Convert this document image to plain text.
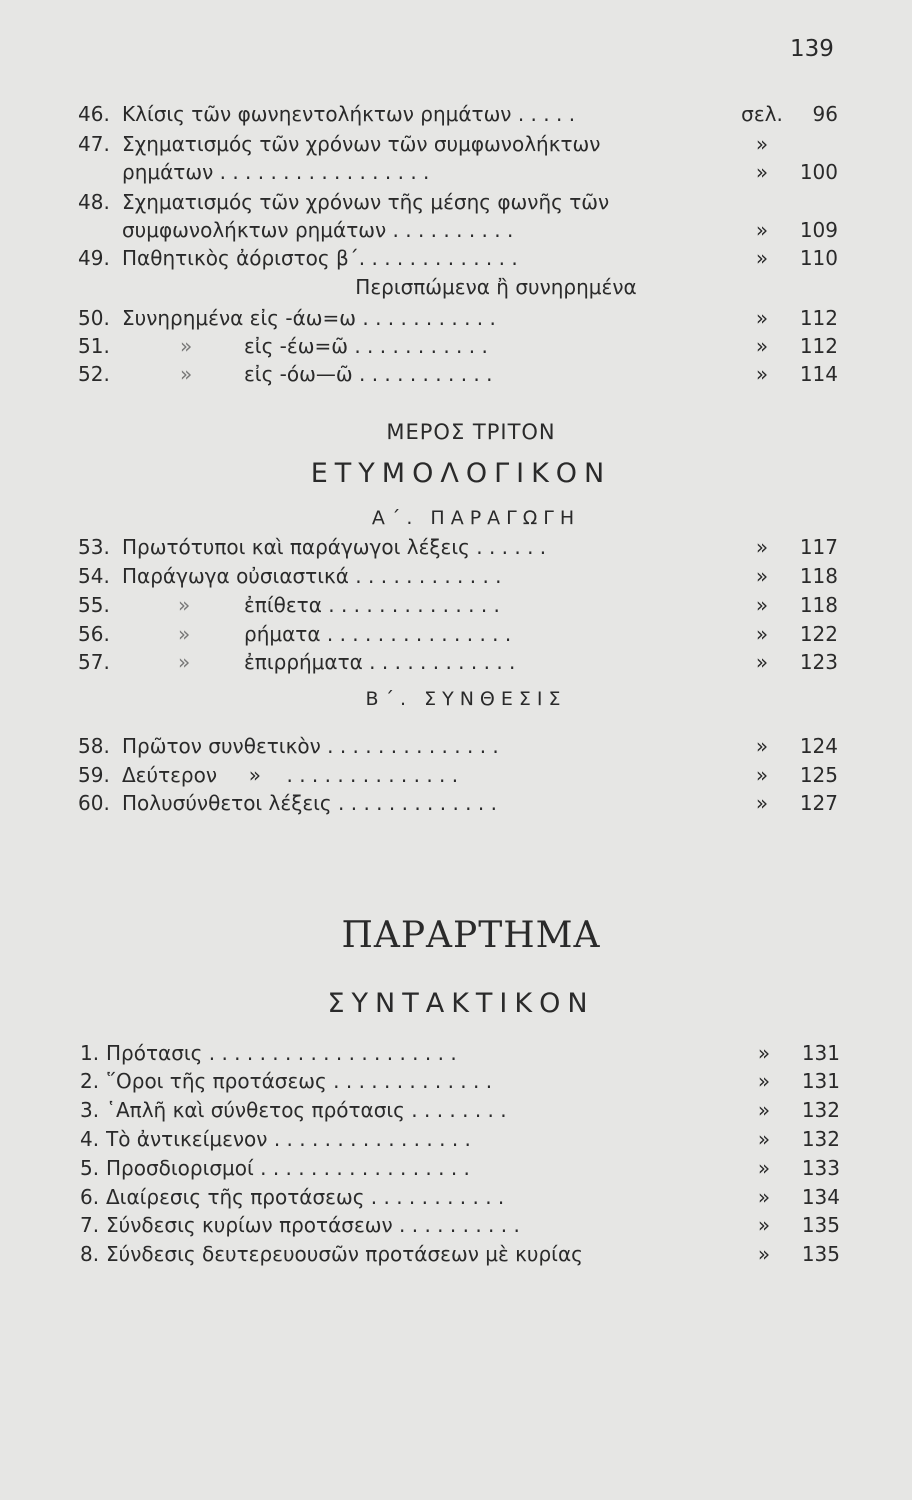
139
46. Κλίσις τῶν φωνηεντολήκτων ρημάτων . . . . .	σελ.	96
47. Σχηματισμός τῶν χρόνων τῶν συμφωνολήκτων	»
ρημάτων . . . . . . . . . . . . . . . . .	»	100
48. Σχηματισμός τῶν χρόνων τῆς μέσης φωνῆς τῶν
συμφωνολήκτων ρημάτων . . . . . . . . . .	»	109
49. Παθητικὸς ἀόριστος β΄. . . . . . . . . . . . .	»	110
Περισπώμενα ἢ συνηρημένα
50. Συνηρημένα εἰς -άω=ω . . . . . . . . . . .	»	112
51.	»	εἰς -έω=ῶ . . . . . . . . . . .	»	112
52.	»	εἰς -όω—ῶ . . . . . . . . . . .	»	114
ΜΕΡΟΣ ΤΡΙΤΟΝ
ΕΤΥΜΟΛΟΓΙΚΟΝ
Α΄. ΠΑΡΑΓΩΓΗ
53. Πρωτότυποι καὶ παράγωγοι λέξεις . . . . . .	»	117
54. Παράγωγα οὐσιαστικά . . . . . . . . . . . .	»	118
55.	»	ἐπίθετα . . . . . . . . . . . . . .	»	118
56.	»	ρήματα . . . . . . . . . . . . . . .	»	122
57.	»	ἐπιρρήματα . . . . . . . . . . . .	»	123
Β΄. ΣΥΝΘΕΣΙΣ
58. Πρῶτον συνθετικὸν . . . . . . . . . . . . . .	»	124
59. Δεύτερον     »    . . . . . . . . . . . . . .	»	125
60. Πολυσύνθετοι λέξεις . . . . . . . . . . . . .	»	127
ΠΑΡΑΡΤΗΜΑ
ΣΥΝΤΑΚΤΙΚΟΝ
1. Πρότασις . . . . . . . . . . . . . . . . . . . .	»	131
2. ῞Οροι τῆς προτάσεως . . . . . . . . . . . . .	»	131
3. ῾Απλῆ καὶ σύνθετος πρότασις . . . . . . . .	»	132
4. Τὸ ἀντικείμενον . . . . . . . . . . . . . . . .	»	132
5. Προσδιορισμοί . . . . . . . . . . . . . . . . .	»	133
6. Διαίρεσις τῆς προτάσεως . . . . . . . . . . .	»	134
7. Σύνδεσις κυρίων προτάσεων . . . . . . . . . .	»	135
8. Σύνδεσις δευτερευουσῶν προτάσεων μὲ κυρίας	»	135
